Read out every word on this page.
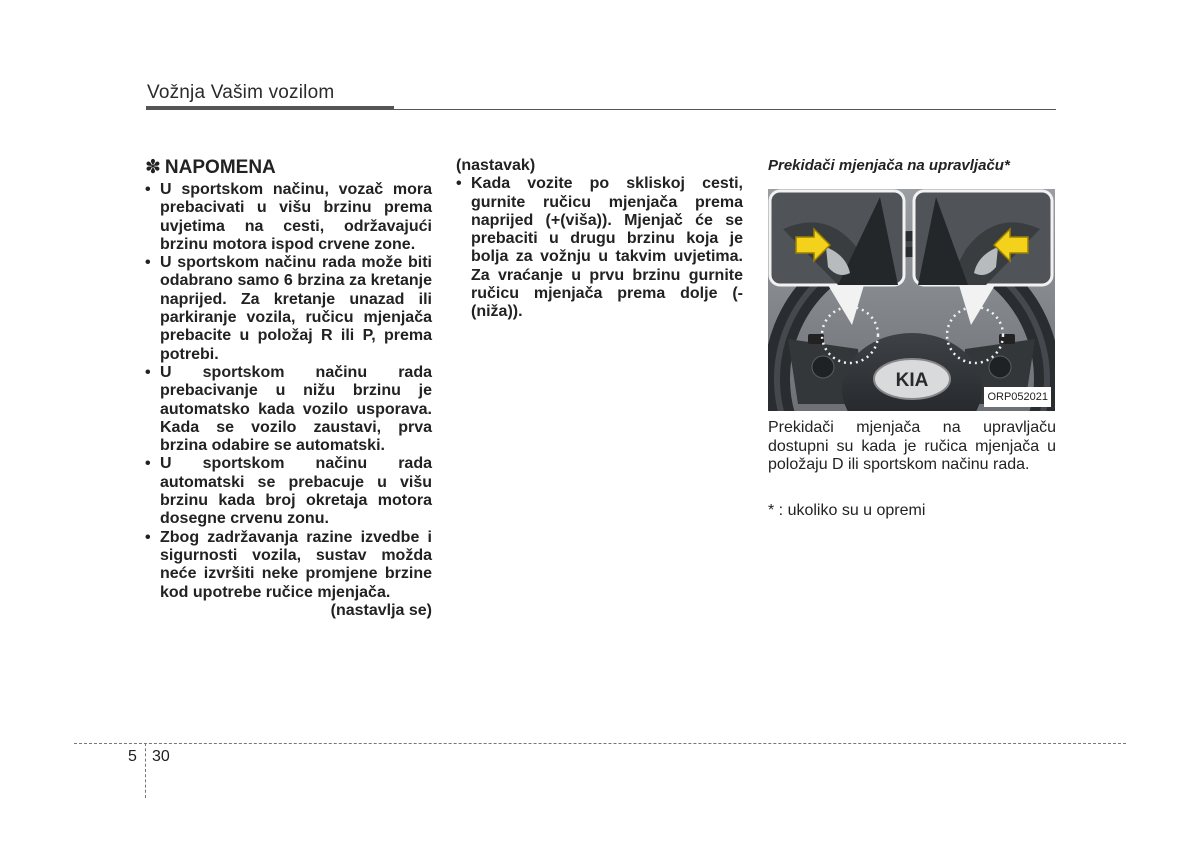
Vožnja Vašim vozilom
✽ NAPOMENA
• U sportskom načinu, vozač mora prebacivati u višu brzinu prema uvjetima na cesti, održavajući brzinu motora ispod crvene zone.
• U sportskom načinu rada može biti odabrano samo 6 brzina za kretanje naprijed. Za kretanje unazad ili parkiranje vozila, ručicu mjenjača prebacite u položaj R ili P, prema potrebi.
• U sportskom načinu rada prebacivanje u nižu brzinu je automatsko kada vozilo usporava. Kada se vozilo zaustavi, prva brzina odabire se automatski.
• U sportskom načinu rada automatski se prebacuje u višu brzinu kada broj okretaja motora dosegne crvenu zonu.
• Zbog zadržavanja razine izvedbe i sigurnosti vozila, sustav možda neće izvršiti neke promjene brzine kod upotrebe ručice mjenjača.
(nastavlja se)
(nastavak)
• Kada vozite po skliskoj cesti, gurnite ručicu mjenjača prema naprijed (+(viša)). Mjenjač će se prebaciti u drugu brzinu koja je bolja za vožnju u takvim uvjetima. Za vraćanje u prvu brzinu gurnite ručicu mjenjača prema dolje (-(niža)).
Prekidači mjenjača na upravljaču*
KIA
ORP052021
Prekidači mjenjača na upravljaču dostupni su kada je ručica mjenjača u položaju D ili sportskom načinu rada.
* : ukoliko su u opremi
5 30
